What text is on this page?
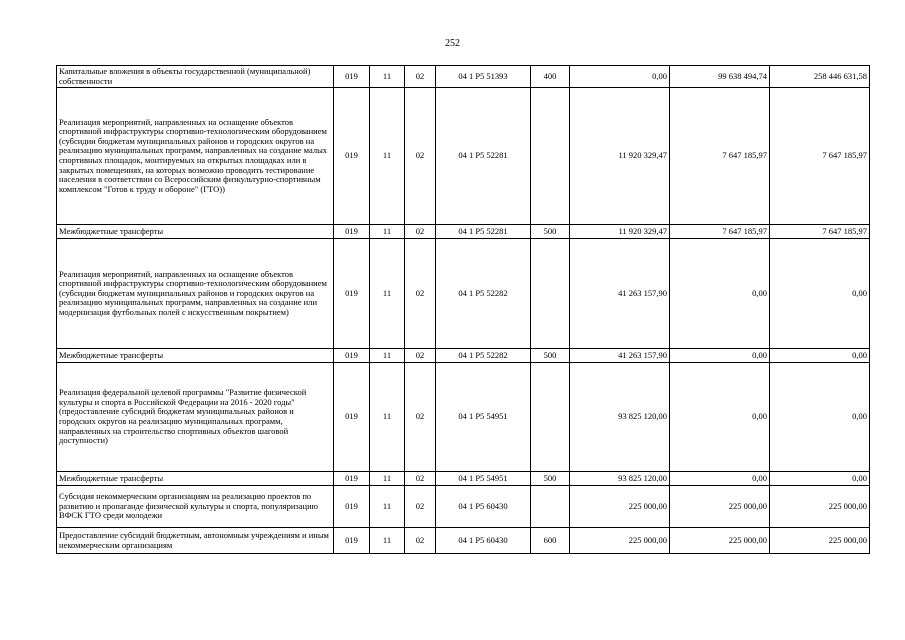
252
Капитальные вложения в объекты государственной (муниципальной) собственности	019	11	02	04 1 P5 51393	400	0,00	99 638 494,74	258 446 631,58
Реализация мероприятий, направленных на оснащение объектов спортивной инфраструктуры спортивно-технологическим оборудованием (субсидии бюджетам муниципальных районов и городских округов на реализацию муниципальных программ, направленных на создание малых спортивных площадок, монтируемых на открытых площадках или в закрытых помещениях, на которых возможно проводить тестирование населения в соответствии со Всероссийским физкультурно-спортивным комплексом "Готов к труду и обороне" (ГТО))	019	11	02	04 1 P5 52281		11 920 329,47	7 647 185,97	7 647 185,97
Межбюджетные трансферты	019	11	02	04 1 P5 52281	500	11 920 329,47	7 647 185,97	7 647 185,97
Реализация мероприятий, направленных на оснащение объектов спортивной инфраструктуры спортивно-технологическим оборудованием (субсидии бюджетам муниципальных районов и городских округов на реализацию муниципальных программ, направленных на создание или модернизация футбольных полей с искусственным покрытием)	019	11	02	04 1 P5 52282		41 263 157,90	0,00	0,00
Межбюджетные трансферты	019	11	02	04 1 P5 52282	500	41 263 157,90	0,00	0,00
Реализация федеральной целевой программы "Развитие физической культуры и спорта в Российской Федерации на 2016 - 2020 годы" (предоставление субсидий бюджетам муниципальных районов и городских округов на реализацию муниципальных программ, направленных на строительство спортивных объектов шаговой доступности)	019	11	02	04 1 P5 54951		93 825 120,00	0,00	0,00
Межбюджетные трансферты	019	11	02	04 1 P5 54951	500	93 825 120,00	0,00	0,00
Субсидия некоммерческим организациям на реализацию проектов по развитию и пропаганде физической культуры и спорта, популяризацию ВФСК ГТО среди молодежи	019	11	02	04 1 P5 60430		225 000,00	225 000,00	225 000,00
Предоставление субсидий бюджетным, автономным учреждениям и иным некоммерческим организациям	019	11	02	04 1 P5 60430	600	225 000,00	225 000,00	225 000,00
